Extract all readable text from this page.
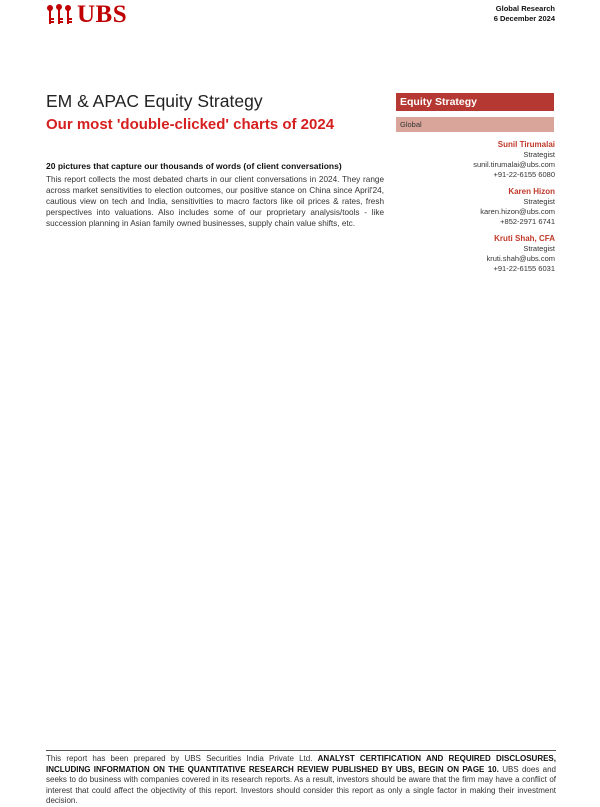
UBS	Global Research
6 December 2024
EM & APAC Equity Strategy
Our most 'double-clicked' charts of 2024
Equity Strategy
Global
20 pictures that capture our thousands of words (of client conversations)

This report collects the most debated charts in our client conversations in 2024. They range across market sensitivities to election outcomes, our positive stance on China since April'24, cautious view on tech and India, sensitivities to macro factors like oil prices & rates, fresh perspectives into valuations. Also includes some of our proprietary analysis/tools - like succession planning in Asian family owned businesses, supply chain value shifts, etc.

Sunil Tirumalai
Strategist
sunil.tirumalai@ubs.com
+91-22-6155 6080
Karen Hizon
Strategist
karen.hizon@ubs.com
+852-2971 6741
Kruti Shah, CFA
Strategist
kruti.shah@ubs.com
+91-22-6155 6031
This report has been prepared by UBS Securities India Private Ltd. ANALYST CERTIFICATION AND REQUIRED DISCLOSURES, INCLUDING INFORMATION ON THE QUANTITATIVE RESEARCH REVIEW PUBLISHED BY UBS, BEGIN ON PAGE 10. UBS does and seeks to do business with companies covered in its research reports. As a result, investors should be aware that the firm may have a conflict of interest that could affect the objectivity of this report. Investors should consider this report as only a single factor in making their investment decision.
